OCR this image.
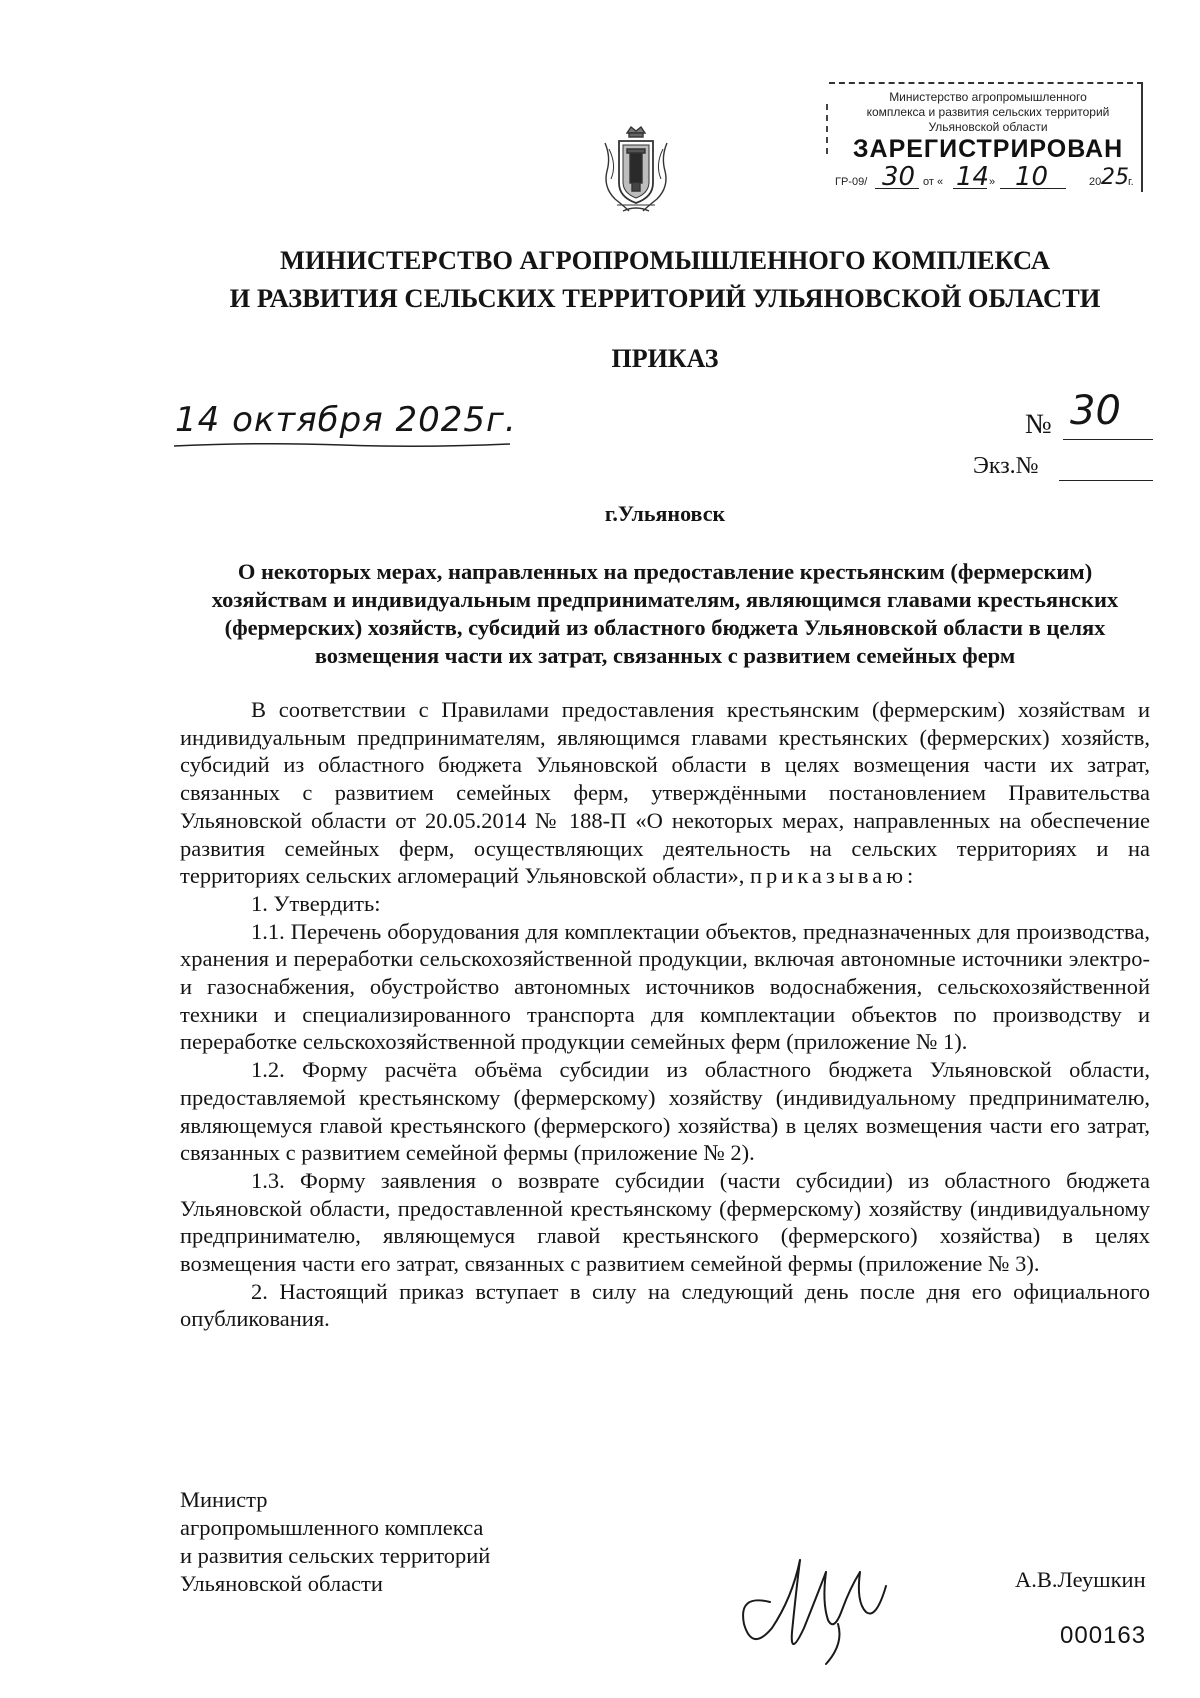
Министерство агропромышленного
комплекса и развития сельских территорий
Ульяновской области
ЗАРЕГИСТРИРОВАН
ГР-09/ 30 от « 14 » 10	20 25 г.
МИНИСТЕРСТВО АГРОПРОМЫШЛЕННОГО КОМПЛЕКСА
И РАЗВИТИЯ СЕЛЬСКИХ ТЕРРИТОРИЙ УЛЬЯНОВСКОЙ ОБЛАСТИ
ПРИКАЗ
14 октября 2025г.	№ 30
Экз.№
г.Ульяновск
О некоторых мерах, направленных на предоставление крестьянским (фермерским) хозяйствам и индивидуальным предпринимателям, являющимся главами крестьянских (фермерских) хозяйств, субсидий из областного бюджета Ульяновской области в целях возмещения части их затрат, связанных с развитием семейных ферм

В соответствии с Правилами предоставления крестьянским (фермерским) хозяйствам и индивидуальным предпринимателям, являющимся главами крестьянских (фермерских) хозяйств, субсидий из областного бюджета Ульяновской области в целях возмещения части их затрат, связанных с развитием семейных ферм, утверждёнными постановлением Правительства Ульяновской области от 20.05.2014 № 188-П «О некоторых мерах, направленных на обеспечение развития семейных ферм, осуществляющих деятельность на сельских территориях и на территориях сельских агломераций Ульяновской области», приказываю:

1. Утвердить:

1.1. Перечень оборудования для комплектации объектов, предназначенных для производства, хранения и переработки сельскохозяйственной продукции, включая автономные источники электро- и газоснабжения, обустройство автономных источников водоснабжения, сельскохозяйственной техники и специализированного транспорта для комплектации объектов по производству и переработке сельскохозяйственной продукции семейных ферм (приложение № 1).

1.2. Форму расчёта объёма субсидии из областного бюджета Ульяновской области, предоставляемой крестьянскому (фермерскому) хозяйству (индивидуальному предпринимателю, являющемуся главой крестьянского (фермерского) хозяйства) в целях возмещения части его затрат, связанных с развитием семейной фермы (приложение № 2).

1.3. Форму заявления о возврате субсидии (части субсидии) из областного бюджета Ульяновской области, предоставленной крестьянскому (фермерскому) хозяйству (индивидуальному предпринимателю, являющемуся главой крестьянского (фермерского) хозяйства) в целях возмещения части его затрат, связанных с развитием семейной фермы (приложение № 3).

2. Настоящий приказ вступает в силу на следующий день после дня его официального опубликования.

Министр
агропромышленного комплекса
и развития сельских территорий
Ульяновской области	А.В.Леушкин
000163
